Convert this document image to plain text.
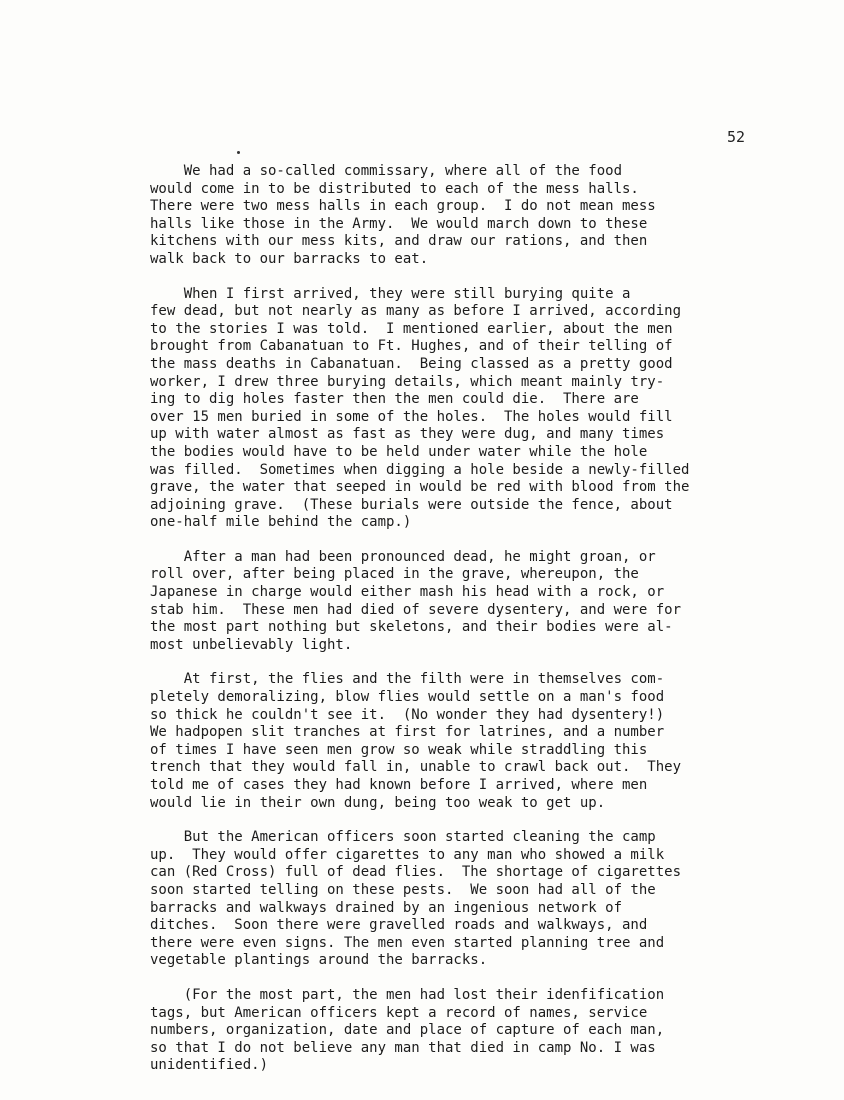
52
We had a so-called commissary, where all of the food
would come in to be distributed to each of the mess halls.
There were two mess halls in each group.  I do not mean mess
halls like those in the Army.  We would march down to these
kitchens with our mess kits, and draw our rations, and then
walk back to our barracks to eat.
When I first arrived, they were still burying quite a
few dead, but not nearly as many as before I arrived, according
to the stories I was told.  I mentioned earlier, about the men
brought from Cabanatuan to Ft. Hughes, and of their telling of
the mass deaths in Cabanatuan.  Being classed as a pretty good
worker, I drew three burying details, which meant mainly try-
ing to dig holes faster then the men could die.  There are
over 15 men buried in some of the holes.  The holes would fill
up with water almost as fast as they were dug, and many times
the bodies would have to be held under water while the hole
was filled.  Sometimes when digging a hole beside a newly-filled
grave, the water that seeped in would be red with blood from the
adjoining grave.  (These burials were outside the fence, about
one-half mile behind the camp.)
After a man had been pronounced dead, he might groan, or
roll over, after being placed in the grave, whereupon, the
Japanese in charge would either mash his head with a rock, or
stab him.  These men had died of severe dysentery, and were for
the most part nothing but skeletons, and their bodies were al-
most unbelievably light.
At first, the flies and the filth were in themselves com-
pletely demoralizing, blow flies would settle on a man's food
so thick he couldn't see it.  (No wonder they had dysentery!)
We hadpopen slit tranches at first for latrines, and a number
of times I have seen men grow so weak while straddling this
trench that they would fall in, unable to crawl back out.  They
told me of cases they had known before I arrived, where men
would lie in their own dung, being too weak to get up.
But the American officers soon started cleaning the camp
up.  They would offer cigarettes to any man who showed a milk
can (Red Cross) full of dead flies.  The shortage of cigarettes
soon started telling on these pests.  We soon had all of the
barracks and walkways drained by an ingenious network of
ditches.  Soon there were gravelled roads and walkways, and
there were even signs. The men even started planning tree and
vegetable plantings around the barracks.
(For the most part, the men had lost their idenfification
tags, but American officers kept a record of names, service
numbers, organization, date and place of capture of each man,
so that I do not believe any man that died in camp No. I was
unidentified.)
